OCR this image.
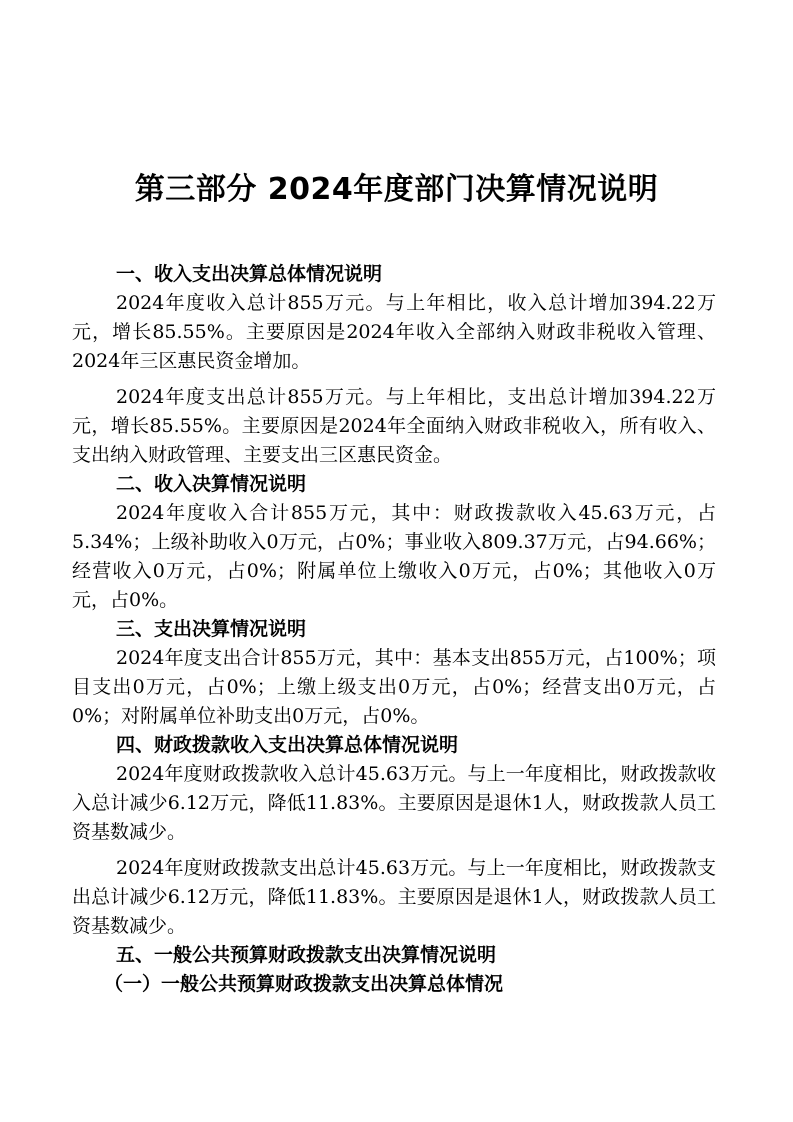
第三部分 2024年度部门决算情况说明
一、收入支出决算总体情况说明

2024年度收入总计855万元。与上年相比，收入总计增加394.22万元，增长85.55%。主要原因是2024年收入全部纳入财政非税收入管理、2024年三区惠民资金增加。

2024年度支出总计855万元。与上年相比，支出总计增加394.22万元，增长85.55%。主要原因是2024年全面纳入财政非税收入，所有收入、支出纳入财政管理、主要支出三区惠民资金。

二、收入决算情况说明

2024年度收入合计855万元，其中：财政拨款收入45.63万元，占5.34%；上级补助收入0万元，占0%；事业收入809.37万元，占94.66%；经营收入0万元，占0%；附属单位上缴收入0万元，占0%；其他收入0万元，占0%。

三、支出决算情况说明

2024年度支出合计855万元，其中：基本支出855万元，占100%；项目支出0万元，占0%；上缴上级支出0万元，占0%；经营支出0万元，占0%；对附属单位补助支出0万元，占0%。

四、财政拨款收入支出决算总体情况说明

2024年度财政拨款收入总计45.63万元。与上一年度相比，财政拨款收入总计减少6.12万元，降低11.83%。主要原因是退休1人，财政拨款人员工资基数减少。

2024年度财政拨款支出总计45.63万元。与上一年度相比，财政拨款支出总计减少6.12万元，降低11.83%。主要原因是退休1人，财政拨款人员工资基数减少。

五、一般公共预算财政拨款支出决算情况说明
（一）一般公共预算财政拨款支出决算总体情况
